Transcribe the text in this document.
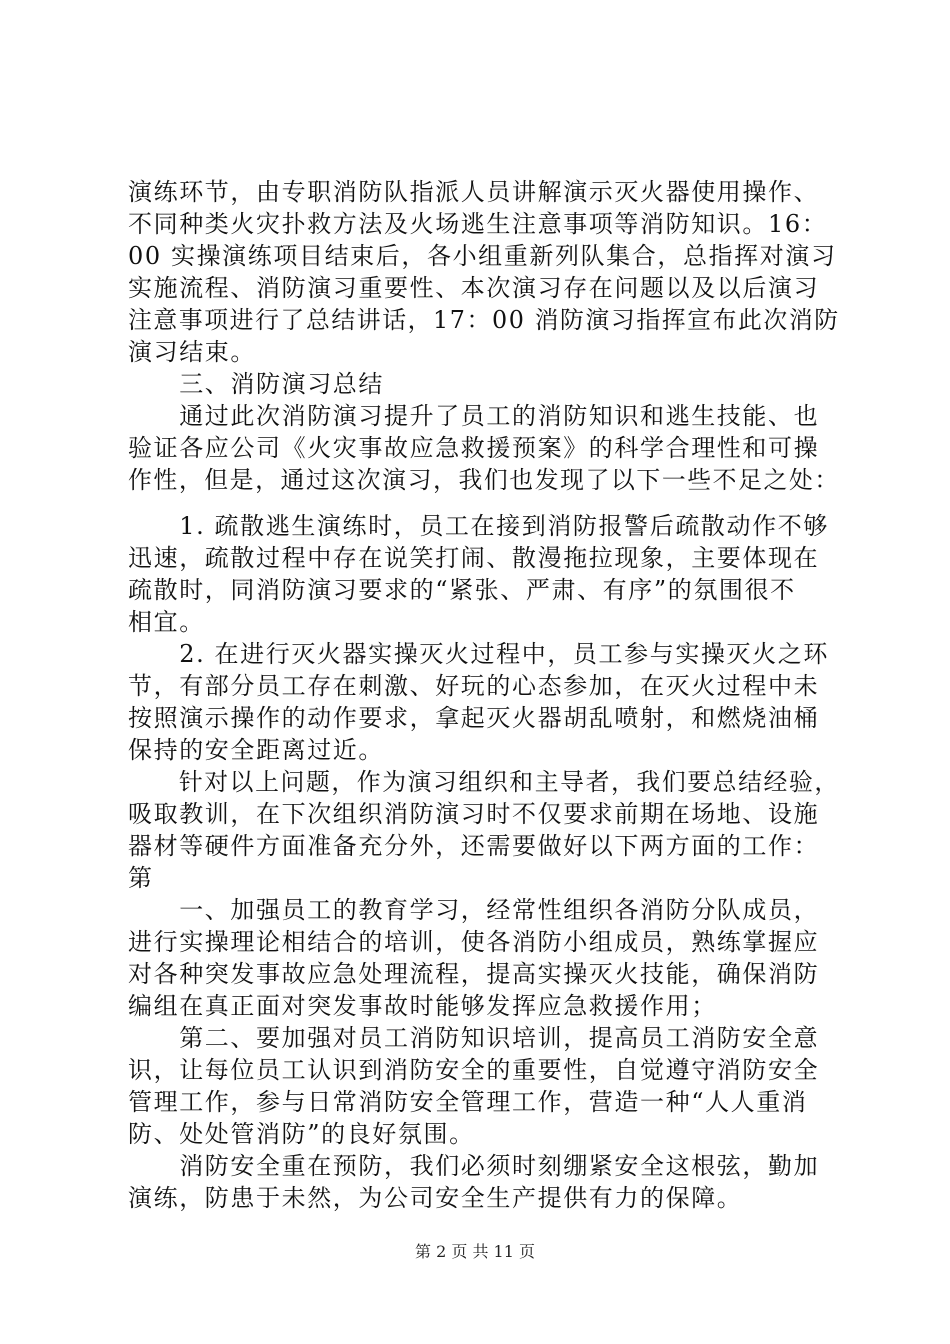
演练环节，由专职消防队指派人员讲解演示灭火器使用操作、
不同种类火灾扑救方法及火场逃生注意事项等消防知识。16：
00 实操演练项目结束后，各小组重新列队集合，总指挥对演习
实施流程、消防演习重要性、本次演习存在问题以及以后演习
注意事项进行了总结讲话，17：00 消防演习指挥宣布此次消防
演习结束。
　　三、消防演习总结
　　通过此次消防演习提升了员工的消防知识和逃生技能、也
验证各应公司《火灾事故应急救援预案》的科学合理性和可操
作性，但是，通过这次演习，我们也发现了以下一些不足之处：
　　1. 疏散逃生演练时，员工在接到消防报警后疏散动作不够
迅速，疏散过程中存在说笑打闹、散漫拖拉现象，主要体现在
疏散时，同消防演习要求的“紧张、严肃、有序”的氛围很不
相宜。
　　2. 在进行灭火器实操灭火过程中，员工参与实操灭火之环
节，有部分员工存在刺激、好玩的心态参加，在灭火过程中未
按照演示操作的动作要求，拿起灭火器胡乱喷射，和燃烧油桶
保持的安全距离过近。
　　针对以上问题，作为演习组织和主导者，我们要总结经验，
吸取教训，在下次组织消防演习时不仅要求前期在场地、设施
器材等硬件方面准备充分外，还需要做好以下两方面的工作：
第
　　一、加强员工的教育学习，经常性组织各消防分队成员，
进行实操理论相结合的培训，使各消防小组成员，熟练掌握应
对各种突发事故应急处理流程，提高实操灭火技能，确保消防
编组在真正面对突发事故时能够发挥应急救援作用；
　　第二、要加强对员工消防知识培训，提高员工消防安全意
识，让每位员工认识到消防安全的重要性，自觉遵守消防安全
管理工作，参与日常消防安全管理工作，营造一种“人人重消
防、处处管消防”的良好氛围。
　　消防安全重在预防，我们必须时刻绷紧安全这根弦，勤加
演练，防患于未然，为公司安全生产提供有力的保障。
第 2 页 共 11 页
